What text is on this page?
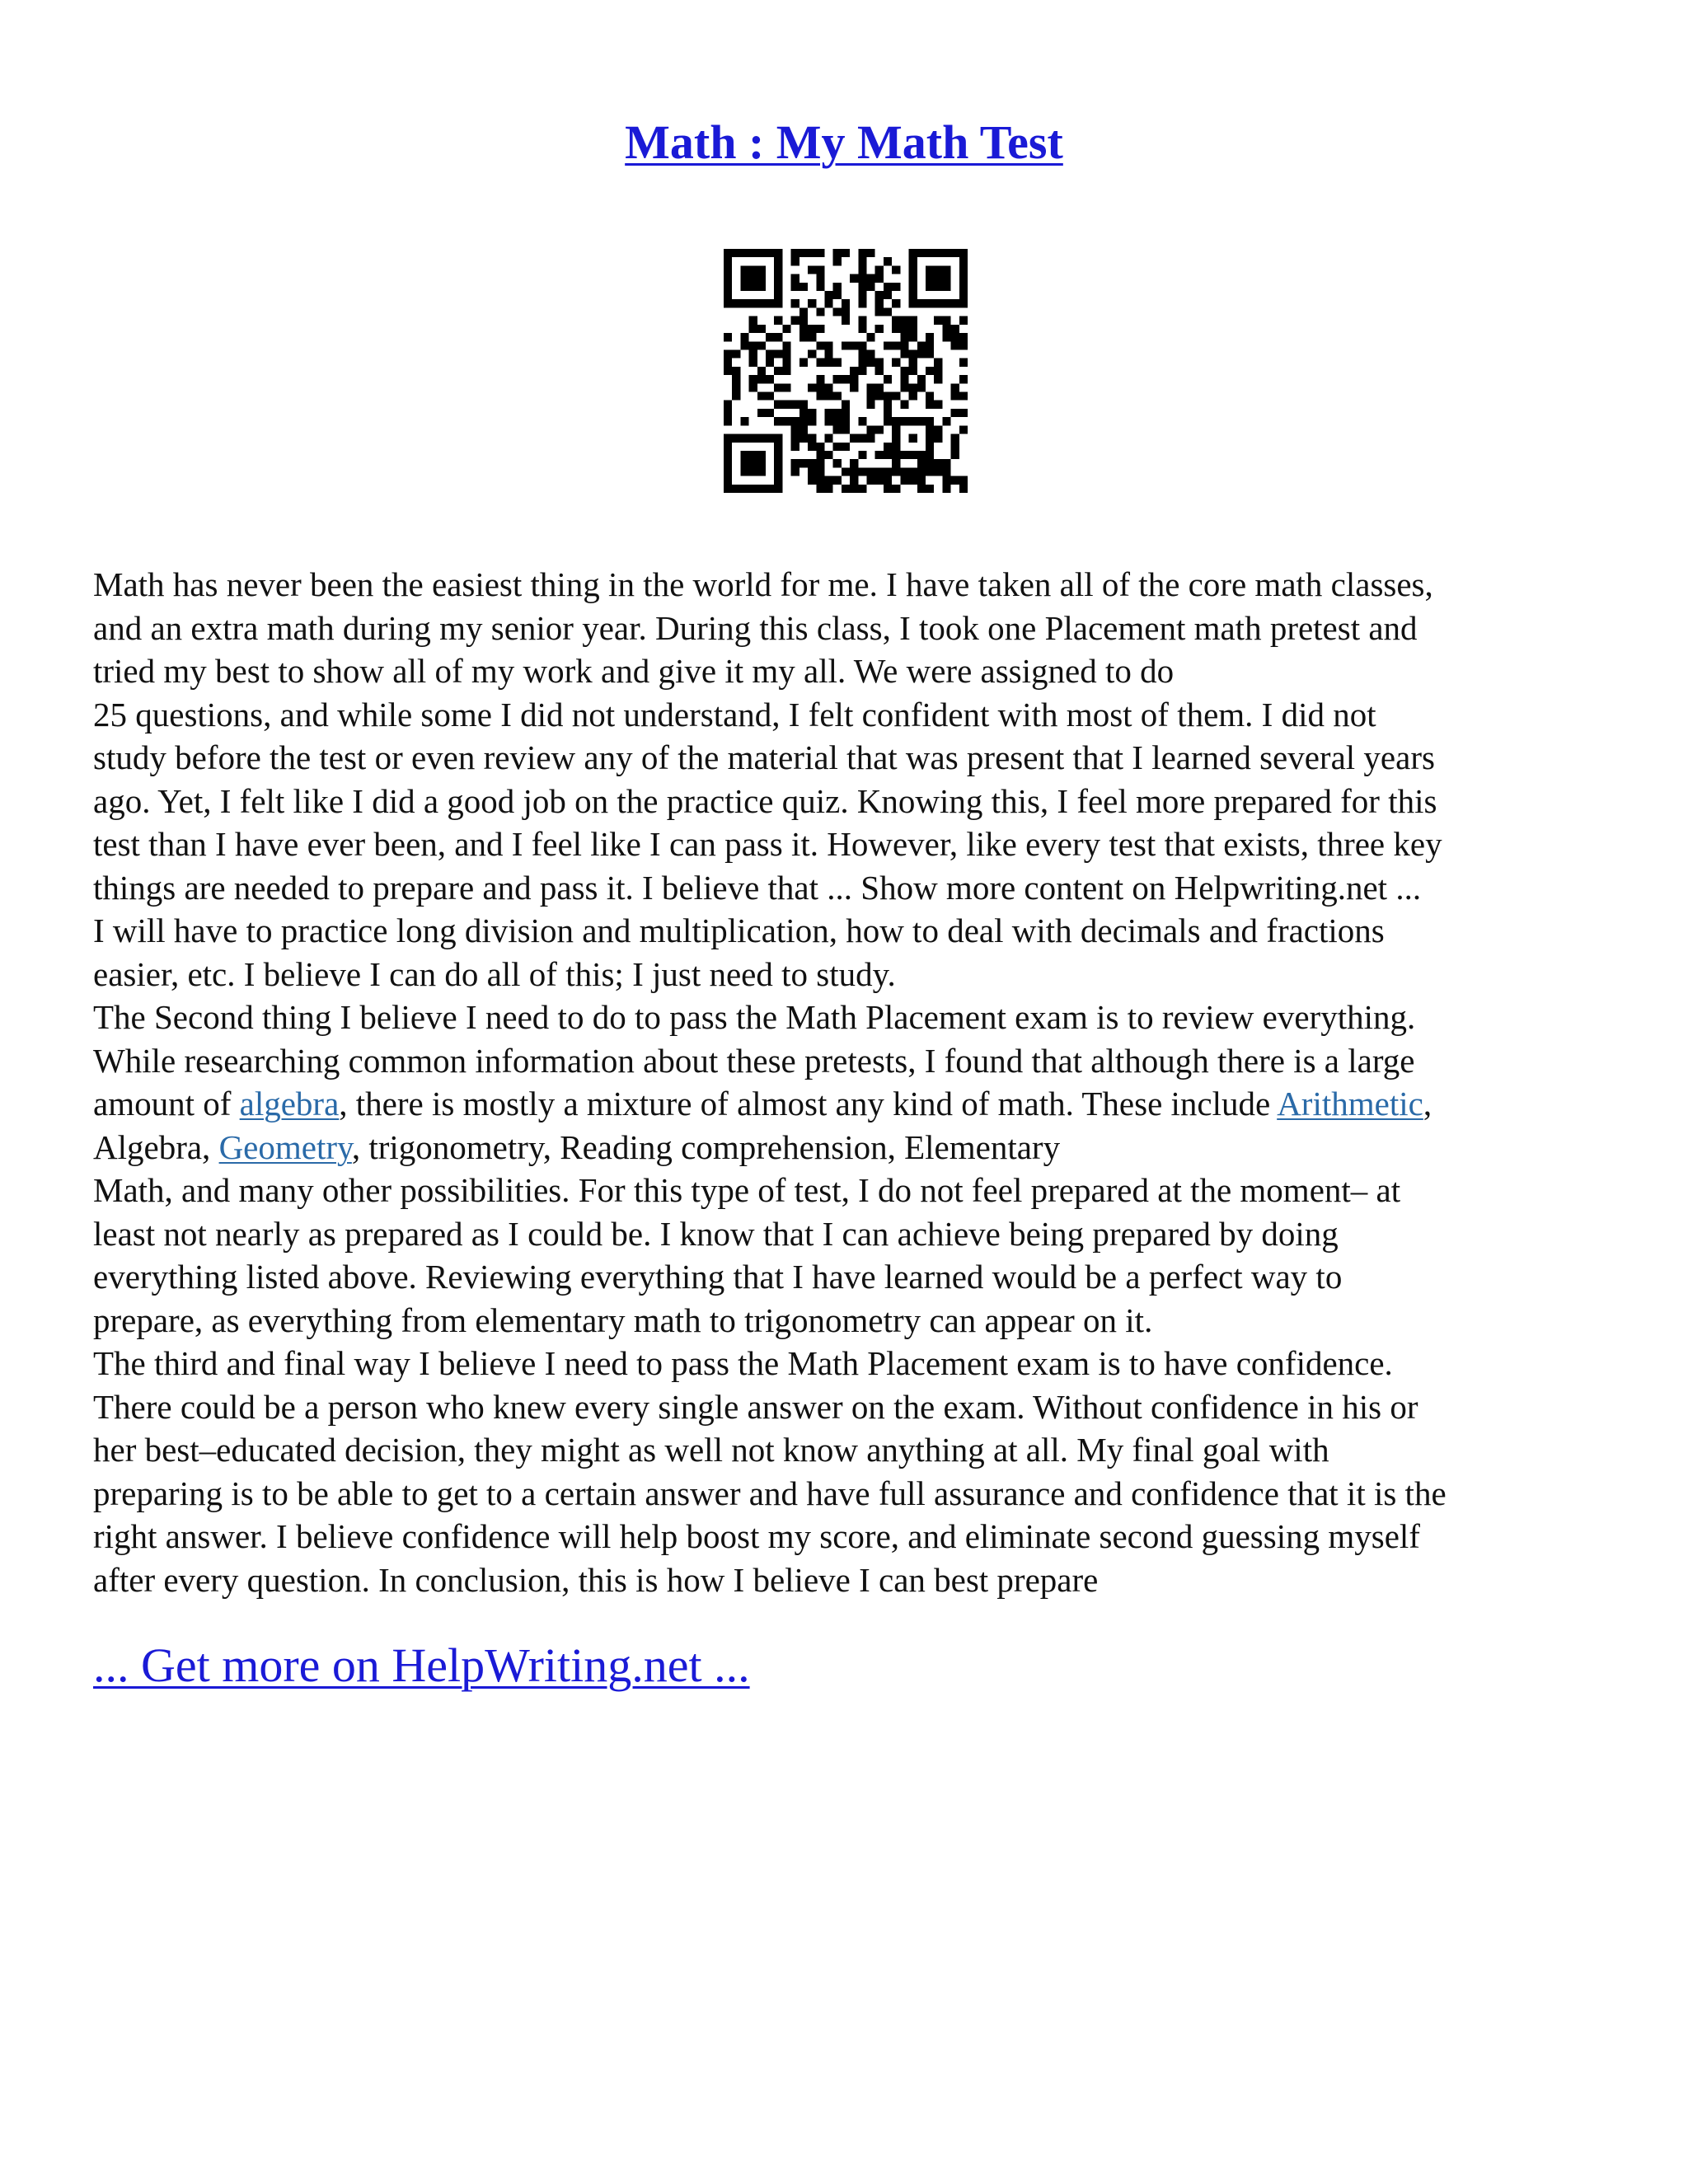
Math : My Math Test

Math has never been the easiest thing in the world for me. I have taken all of the core math classes,
and an extra math during my senior year. During this class, I took one Placement math pretest and
tried my best to show all of my work and give it my all. We were assigned to do
25 questions, and while some I did not understand, I felt confident with most of them. I did not
study before the test or even review any of the material that was present that I learned several years
ago. Yet, I felt like I did a good job on the practice quiz. Knowing this, I feel more prepared for this
test than I have ever been, and I feel like I can pass it. However, like every test that exists, three key
things are needed to prepare and pass it. I believe that ... Show more content on Helpwriting.net ...
I will have to practice long division and multiplication, how to deal with decimals and fractions
easier, etc. I believe I can do all of this; I just need to study.

The Second thing I believe I need to do to pass the Math Placement exam is to review everything.
While researching common information about these pretests, I found that although there is a large
amount of algebra, there is mostly a mixture of almost any kind of math. These include Arithmetic,
Algebra, Geometry, trigonometry, Reading comprehension, Elementary
Math, and many other possibilities. For this type of test, I do not feel prepared at the moment– at
least not nearly as prepared as I could be. I know that I can achieve being prepared by doing
everything listed above. Reviewing everything that I have learned would be a perfect way to
prepare, as everything from elementary math to trigonometry can appear on it.

The third and final way I believe I need to pass the Math Placement exam is to have confidence.
There could be a person who knew every single answer on the exam. Without confidence in his or
her best–educated decision, they might as well not know anything at all. My final goal with
preparing is to be able to get to a certain answer and have full assurance and confidence that it is the
right answer. I believe confidence will help boost my score, and eliminate second guessing myself
after every question. In conclusion, this is how I believe I can best prepare

... Get more on HelpWriting.net ...
